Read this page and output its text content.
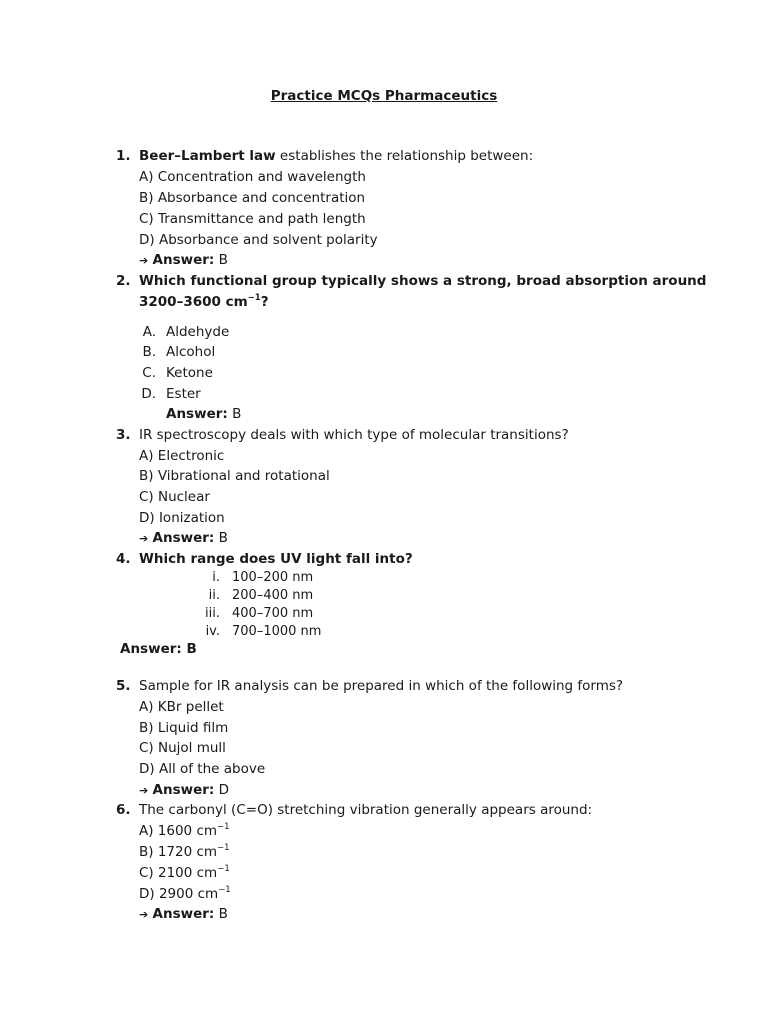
Practice MCQs Pharmaceutics
1. Beer–Lambert law establishes the relationship between:
A) Concentration and wavelength
B) Absorbance and concentration
C) Transmittance and path length
D) Absorbance and solvent polarity
➔ Answer: B
2. Which functional group typically shows a strong, broad absorption around
3200–3600 $cm^{-1}$?
A. Aldehyde
B. Alcohol
C. Ketone
D. Ester
Answer: B
3. IR spectroscopy deals with which type of molecular transitions?
A) Electronic
B) Vibrational and rotational
C) Nuclear
D) Ionization
➔ Answer: B
4. Which range does UV light fall into?
i. 100–200 nm
ii. 200–400 nm
iii. 400–700 nm
iv. 700–1000 nm
Answer: B
5. Sample for IR analysis can be prepared in which of the following forms?
A) KBr pellet
B) Liquid film
C) Nujol mull
D) All of the above
➔ Answer: D
6. The carbonyl (C=O) stretching vibration generally appears around:
A) 1600 $cm^{-1}$
B) 1720 $cm^{-1}$
C) 2100 $cm^{-1}$
D) 2900 $cm^{-1}$
➔ Answer: B
